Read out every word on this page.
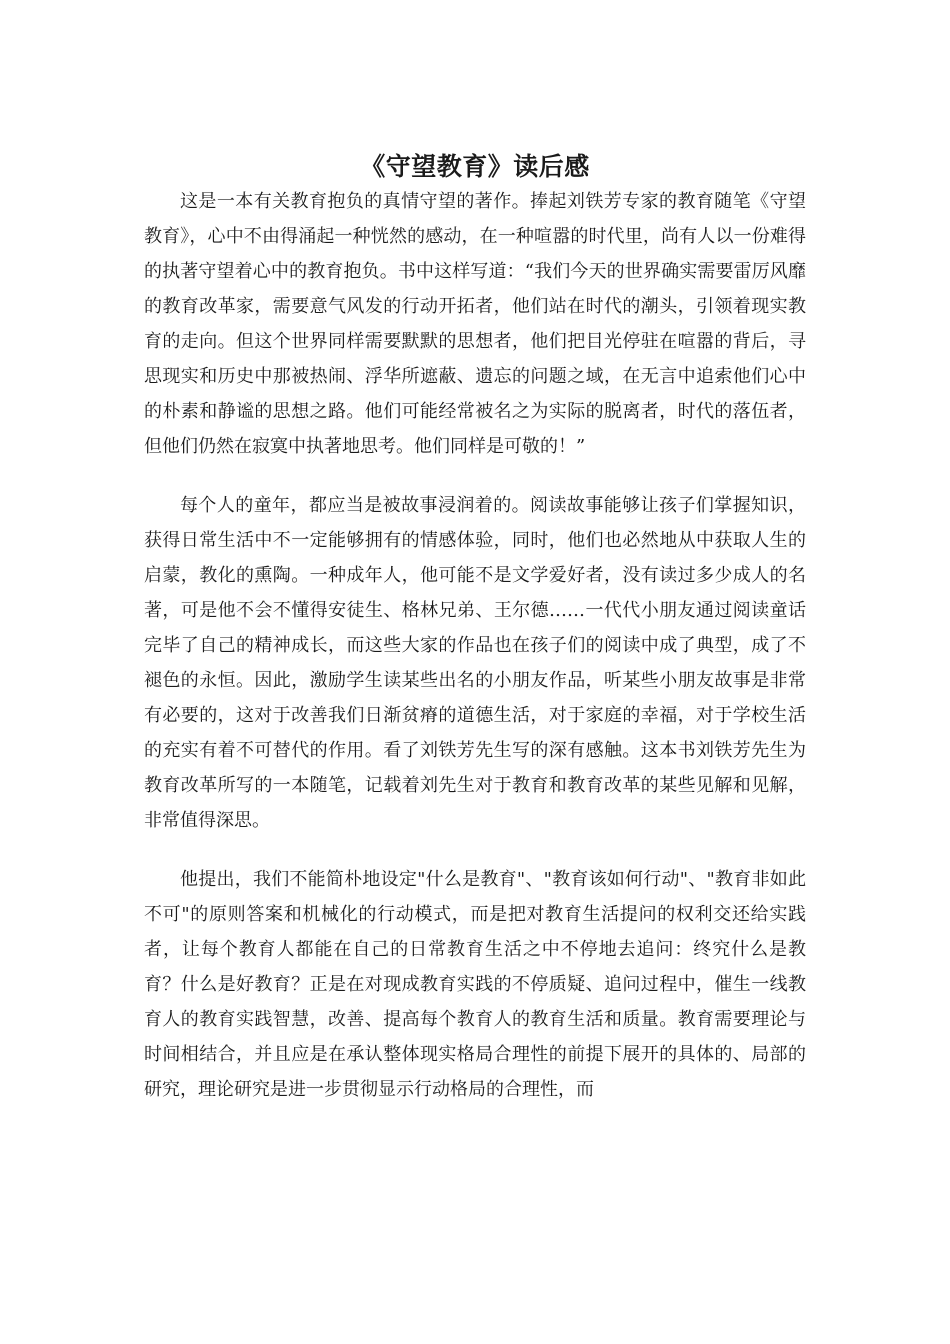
《守望教育》读后感

这是一本有关教育抱负的真情守望的著作。捧起刘铁芳专家的教育随笔《守望教育》，心中不由得涌起一种恍然的感动，在一种喧嚣的时代里，尚有人以一份难得的执著守望着心中的教育抱负。书中这样写道：“我们今天的世界确实需要雷厉风靡的教育改革家，需要意气风发的行动开拓者，他们站在时代的潮头，引领着现实教育的走向。但这个世界同样需要默默的思想者，他们把目光停驻在喧嚣的背后，寻思现实和历史中那被热闹、浮华所遮蔽、遗忘的问题之域，在无言中追索他们心中的朴素和静谧的思想之路。他们可能经常被名之为实际的脱离者，时代的落伍者，但他们仍然在寂寞中执著地思考。他们同样是可敬的！”

每个人的童年，都应当是被故事浸润着的。阅读故事能够让孩子们掌握知识，获得日常生活中不一定能够拥有的情感体验，同时，他们也必然地从中获取人生的启蒙，教化的熏陶。一种成年人，他可能不是文学爱好者，没有读过多少成人的名著，可是他不会不懂得安徒生、格林兄弟、王尔德……一代代小朋友通过阅读童话完毕了自己的精神成长，而这些大家的作品也在孩子们的阅读中成了典型，成了不褪色的永恒。因此，激励学生读某些出名的小朋友作品，听某些小朋友故事是非常有必要的，这对于改善我们日渐贫瘠的道德生活，对于家庭的幸福，对于学校生活的充实有着不可替代的作用。看了刘铁芳先生写的深有感触。这本书刘铁芳先生为教育改革所写的一本随笔，记载着刘先生对于教育和教育改革的某些见解和见解，非常值得深思。

他提出，我们不能简朴地设定"什么是教育"、"教育该如何行动"、"教育非如此不可"的原则答案和机械化的行动模式，而是把对教育生活提问的权利交还给实践者，让每个教育人都能在自己的日常教育生活之中不停地去追问：终究什么是教育？什么是好教育？正是在对现成教育实践的不停质疑、追问过程中，催生一线教育人的教育实践智慧，改善、提高每个教育人的教育生活和质量。教育需要理论与时间相结合，并且应是在承认整体现实格局合理性的前提下展开的具体的、局部的研究，理论研究是进一步贯彻显示行动格局的合理性，而
